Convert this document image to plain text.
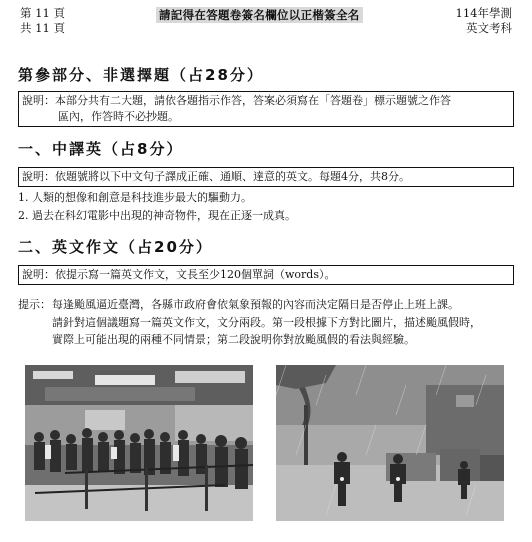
第 11 頁
共 11 頁
請記得在答題卷簽名欄位以正楷簽全名	114年學測
英文考科
第參部分、非選擇題（占28分）
說明：本部分共有二大題，請依各題指示作答，答案必須寫在「答題卷」標示題號之作答
區內，作答時不必抄題。
一、中譯英（占8分）
說明：依題號將以下中文句子譯成正確、通順、達意的英文。每題4分，共8分。
1. 人類的想像和創意是科技進步最大的驅動力。
2. 過去在科幻電影中出現的神奇物件，現在正逐一成真。
二、英文作文（占20分）
說明：依提示寫一篇英文作文，文長至少120個單詞（words）。
提示： 每逢颱風逼近臺灣，各縣市政府會依氣象預報的內容而決定隔日是否停止上班上課。
請針對這個議題寫一篇英文作文，文分兩段。第一段根據下方對比圖片，描述颱風假時，
實際上可能出現的兩種不同情景；第二段說明你對放颱風假的看法與經驗。
